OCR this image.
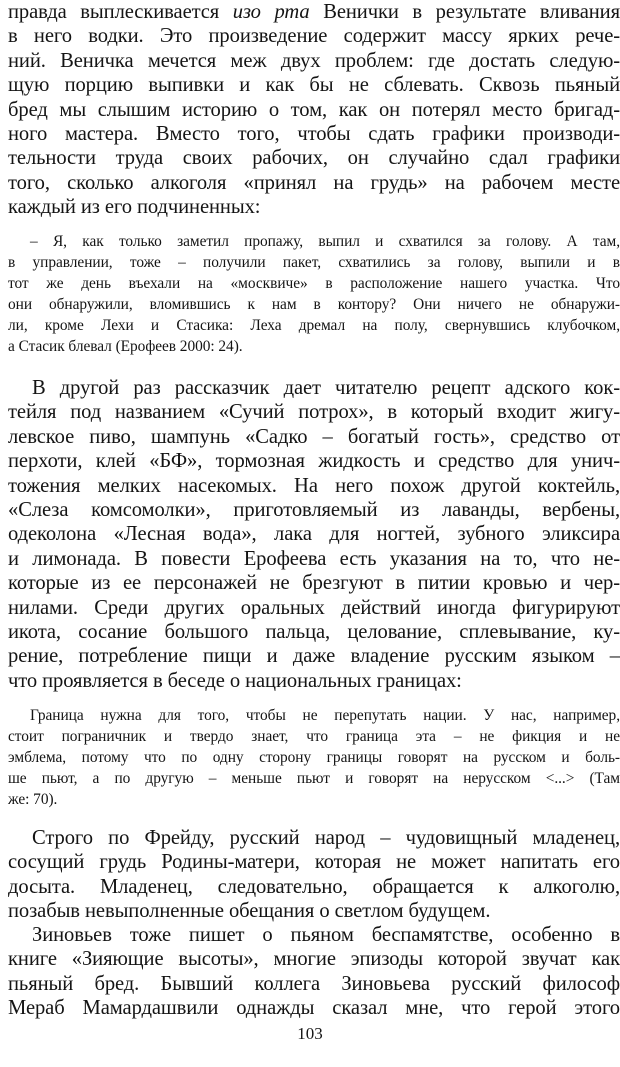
правда выплескивается изо рта Венички в результате вливания
в него водки. Это произведение содержит массу ярких рече-
ний. Веничка мечется меж двух проблем: где достать следую-
щую порцию выпивки и как бы не сблевать. Сквозь пьяный
бред мы слышим историю о том, как он потерял место бригад-
ного мастера. Вместо того, чтобы сдать графики производи-
тельности труда своих рабочих, он случайно сдал графики
того, сколько алкоголя «принял на грудь» на рабочем месте
каждый из его подчиненных:
– Я, как только заметил пропажу, выпил и схватился за голову. А там,
в управлении, тоже – получили пакет, схватились за голову, выпили и в
тот же день въехали на «москвиче» в расположение нашего участка. Что
они обнаружили, вломившись к нам в контору? Они ничего не обнаружи-
ли, кроме Лехи и Стасика: Леха дремал на полу, свернувшись клубочком,
а Стасик блевал (Ерофеев 2000: 24).
В другой раз рассказчик дает читателю рецепт адского кок-
тейля под названием «Сучий потрох», в который входит жигу-
левское пиво, шампунь «Садко – богатый гость», средство от
перхоти, клей «БФ», тормозная жидкость и средство для унич-
тожения мелких насекомых. На него похож другой коктейль,
«Слеза комсомолки», приготовляемый из лаванды, вербены,
одеколона «Лесная вода», лака для ногтей, зубного эликсира
и лимонада. В повести Ерофеева есть указания на то, что не-
которые из ее персонажей не брезгуют в питии кровью и чер-
нилами. Среди других оральных действий иногда фигурируют
икота, сосание большого пальца, целование, сплевывание, ку-
рение, потребление пищи и даже владение русским языком –
что проявляется в беседе о национальных границах:
Граница нужна для того, чтобы не перепутать нации. У нас, например,
стоит пограничник и твердо знает, что граница эта – не фикция и не
эмблема, потому что по одну сторону границы говорят на русском и боль-
ше пьют, а по другую – меньше пьют и говорят на нерусском <...> (Там
же: 70).
Строго по Фрейду, русский народ – чудовищный младенец,
сосущий грудь Родины-матери, которая не может напитать его
досыта. Младенец, следовательно, обращается к алкоголю,
позабыв невыполненные обещания о светлом будущем.
Зиновьев тоже пишет о пьяном беспамятстве, особенно в
книге «Зияющие высоты», многие эпизоды которой звучат как
пьяный бред. Бывший коллега Зиновьева русский философ
Мераб Мамардашвили однажды сказал мне, что герой этого
103
